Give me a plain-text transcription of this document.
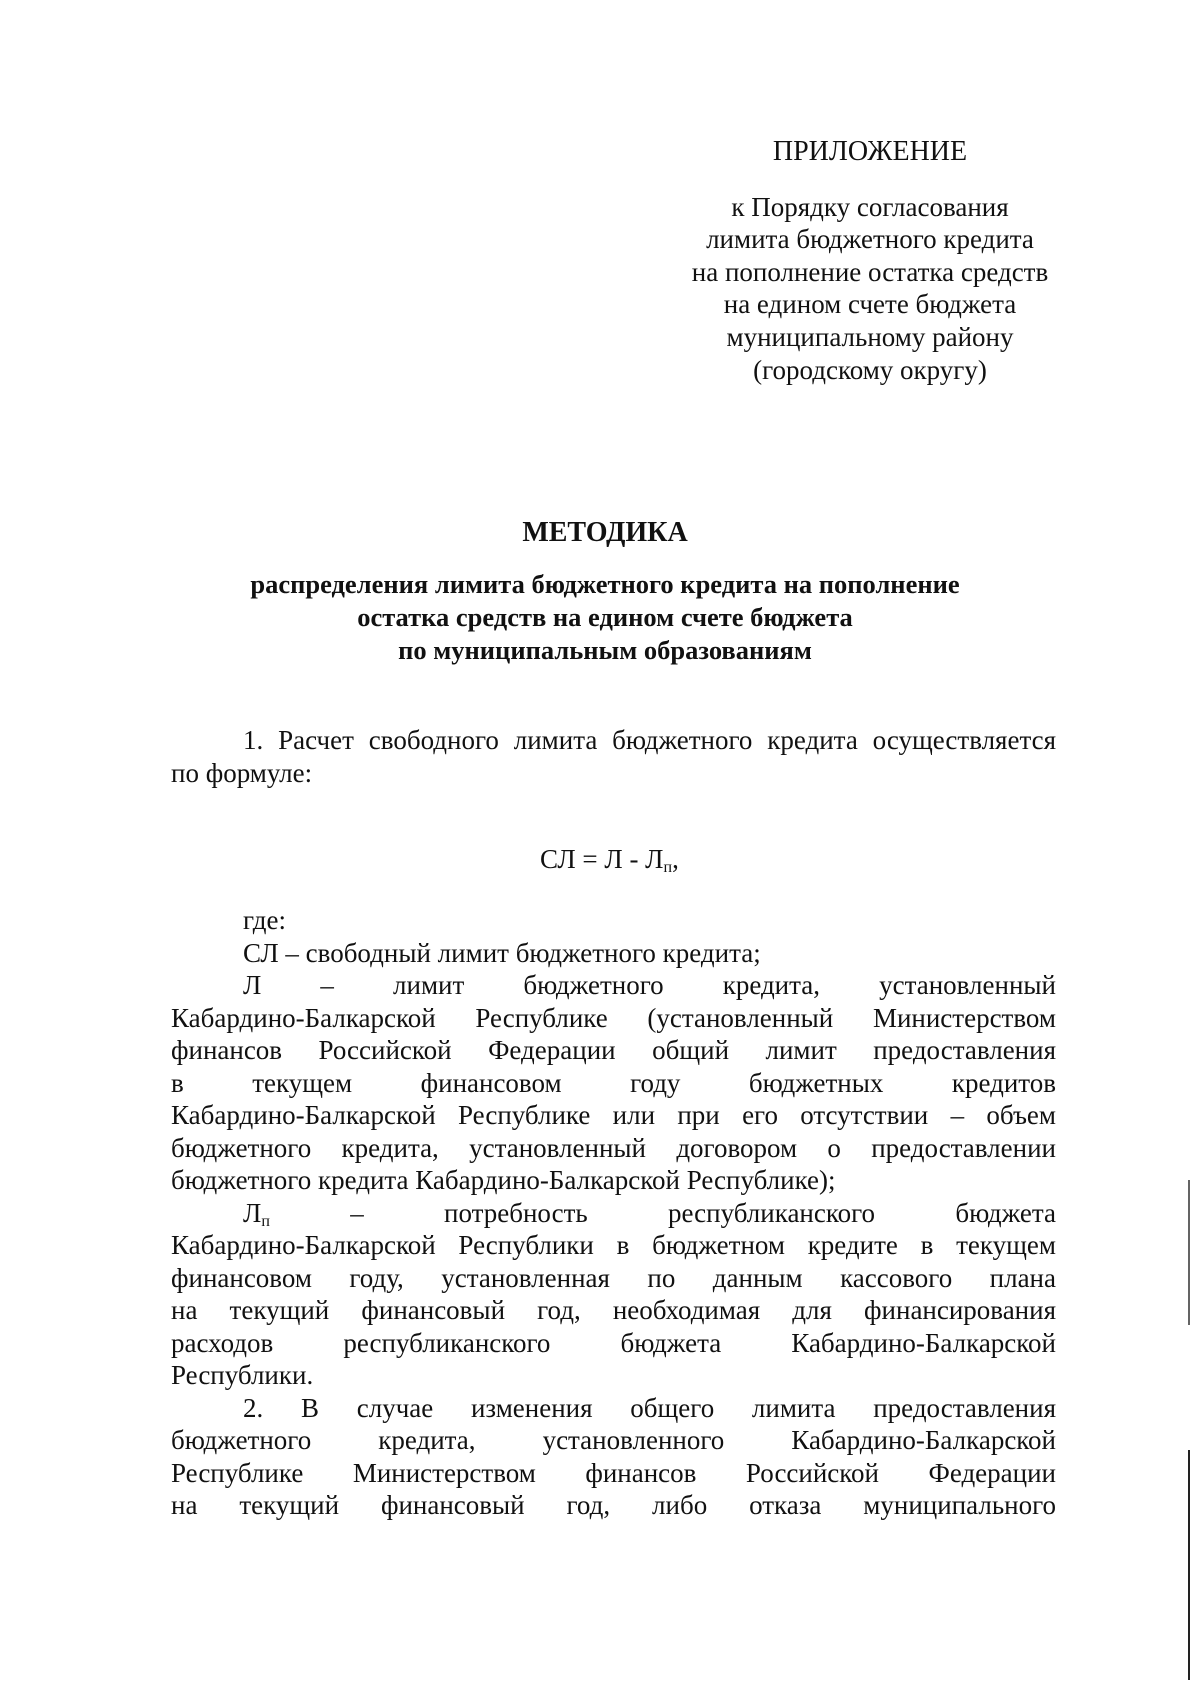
ПРИЛОЖЕНИЕ
к Порядку согласования
лимита бюджетного кредита
на пополнение остатка средств
на едином счете бюджета
муниципальному району
(городскому округу)
МЕТОДИКА
распределения лимита бюджетного кредита на пополнение
остатка средств на едином счете бюджета
по муниципальным образованиям
1. Расчет свободного лимита бюджетного кредита осуществляется
по формуле:
СЛ = Л - $Л_п$,
где:
СЛ – свободный лимит бюджетного кредита;
Л – лимит бюджетного кредита, установленный
Кабардино-Балкарской Республике (установленный Министерством
финансов Российской Федерации общий лимит предоставления
в текущем финансовом году бюджетных кредитов
Кабардино-Балкарской Республике или при его отсутствии – объем
бюджетного кредита, установленный договором о предоставлении
бюджетного кредита Кабардино-Балкарской Республике);
$Л_п$	– потребность республиканского бюджета
Кабардино-Балкарской Республики в бюджетном кредите в текущем
финансовом году, установленная по данным кассового плана
на текущий финансовый год, необходимая для финансирования
расходов республиканского бюджета Кабардино-Балкарской
Республики.
2. В случае изменения общего лимита предоставления
бюджетного кредита, установленного Кабардино-Балкарской
Республике Министерством финансов Российской Федерации
на текущий финансовый год, либо отказа муниципального
